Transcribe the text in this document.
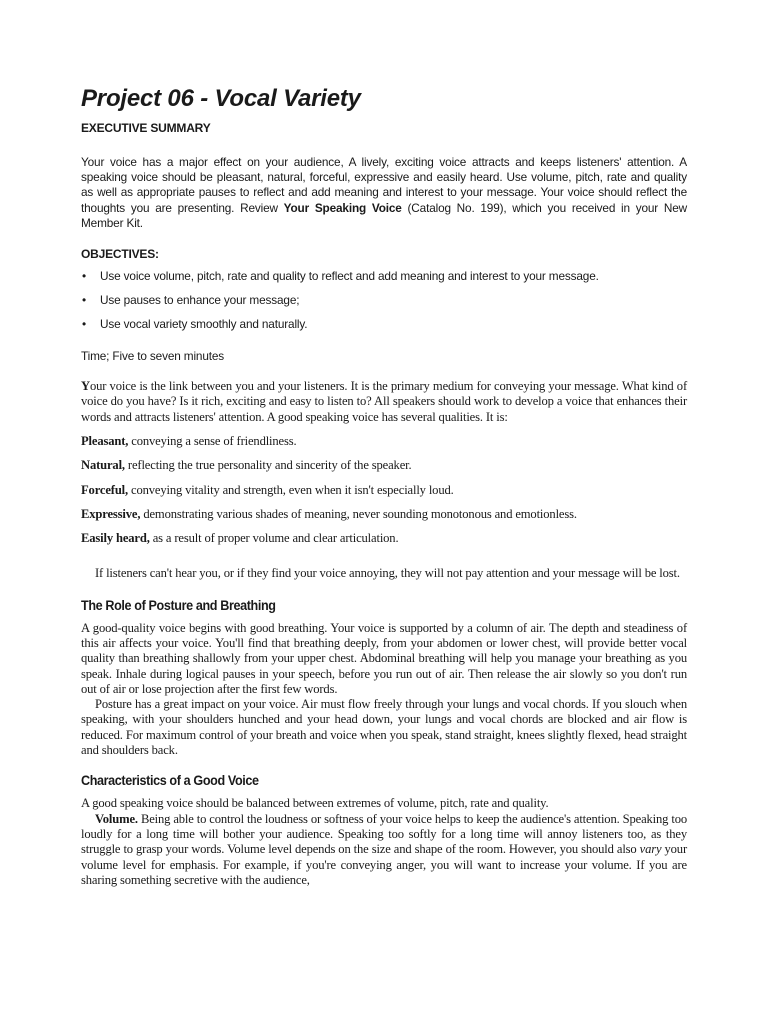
Project 06 - Vocal Variety
EXECUTIVE SUMMARY

Your voice has a major effect on your audience, A lively, exciting voice attracts and keeps listeners' attention. A speaking voice should be pleasant, natural, forceful, expressive and easily heard. Use volume, pitch, rate and quality as well as appropriate pauses to reflect and add meaning and interest to your message. Your voice should reflect the thoughts you are presenting. Review Your Speaking Voice (Catalog No. 199), which you received in your New Member Kit.

OBJECTIVES:
• Use voice volume, pitch, rate and quality to reflect and add meaning and interest to your message.
• Use pauses to enhance your message;
• Use vocal variety smoothly and naturally.

Time; Five to seven minutes

Your voice is the link between you and your listeners. It is the primary medium for conveying your message. What kind of voice do you have? Is it rich, exciting and easy to listen to? All speakers should work to develop a voice that enhances their words and attracts listeners' attention. A good speaking voice has several qualities. It is:

Pleasant, conveying a sense of friendliness.

Natural, reflecting the true personality and sincerity of the speaker.

Forceful, conveying vitality and strength, even when it isn't especially loud.

Expressive, demonstrating various shades of meaning, never sounding monotonous and emotionless.

Easily heard, as a result of proper volume and clear articulation.

If listeners can't hear you, or if they find your voice annoying, they will not pay attention and your message will be lost.

The Role of Posture and Breathing

A good-quality voice begins with good breathing. Your voice is supported by a column of air. The depth and steadiness of this air affects your voice. You'll find that breathing deeply, from your abdomen or lower chest, will provide better vocal quality than breathing shallowly from your upper chest. Abdominal breathing will help you manage your breathing as you speak. Inhale during logical pauses in your speech, before you run out of air. Then release the air slowly so you don't run out of air or lose projection after the first few words.

Posture has a great impact on your voice. Air must flow freely through your lungs and vocal chords. If you slouch when speaking, with your shoulders hunched and your head down, your lungs and vocal chords are blocked and air flow is reduced. For maximum control of your breath and voice when you speak, stand straight, knees slightly flexed, head straight and shoulders back.

Characteristics of a Good Voice

A good speaking voice should be balanced between extremes of volume, pitch, rate and quality.

Volume. Being able to control the loudness or softness of your voice helps to keep the audience's attention. Speaking too loudly for a long time will bother your audience. Speaking too softly for a long time will annoy listeners too, as they struggle to grasp your words. Volume level depends on the size and shape of the room. However, you should also vary your volume level for emphasis. For example, if you're conveying anger, you will want to increase your volume. If you are sharing something secretive with the audience,
